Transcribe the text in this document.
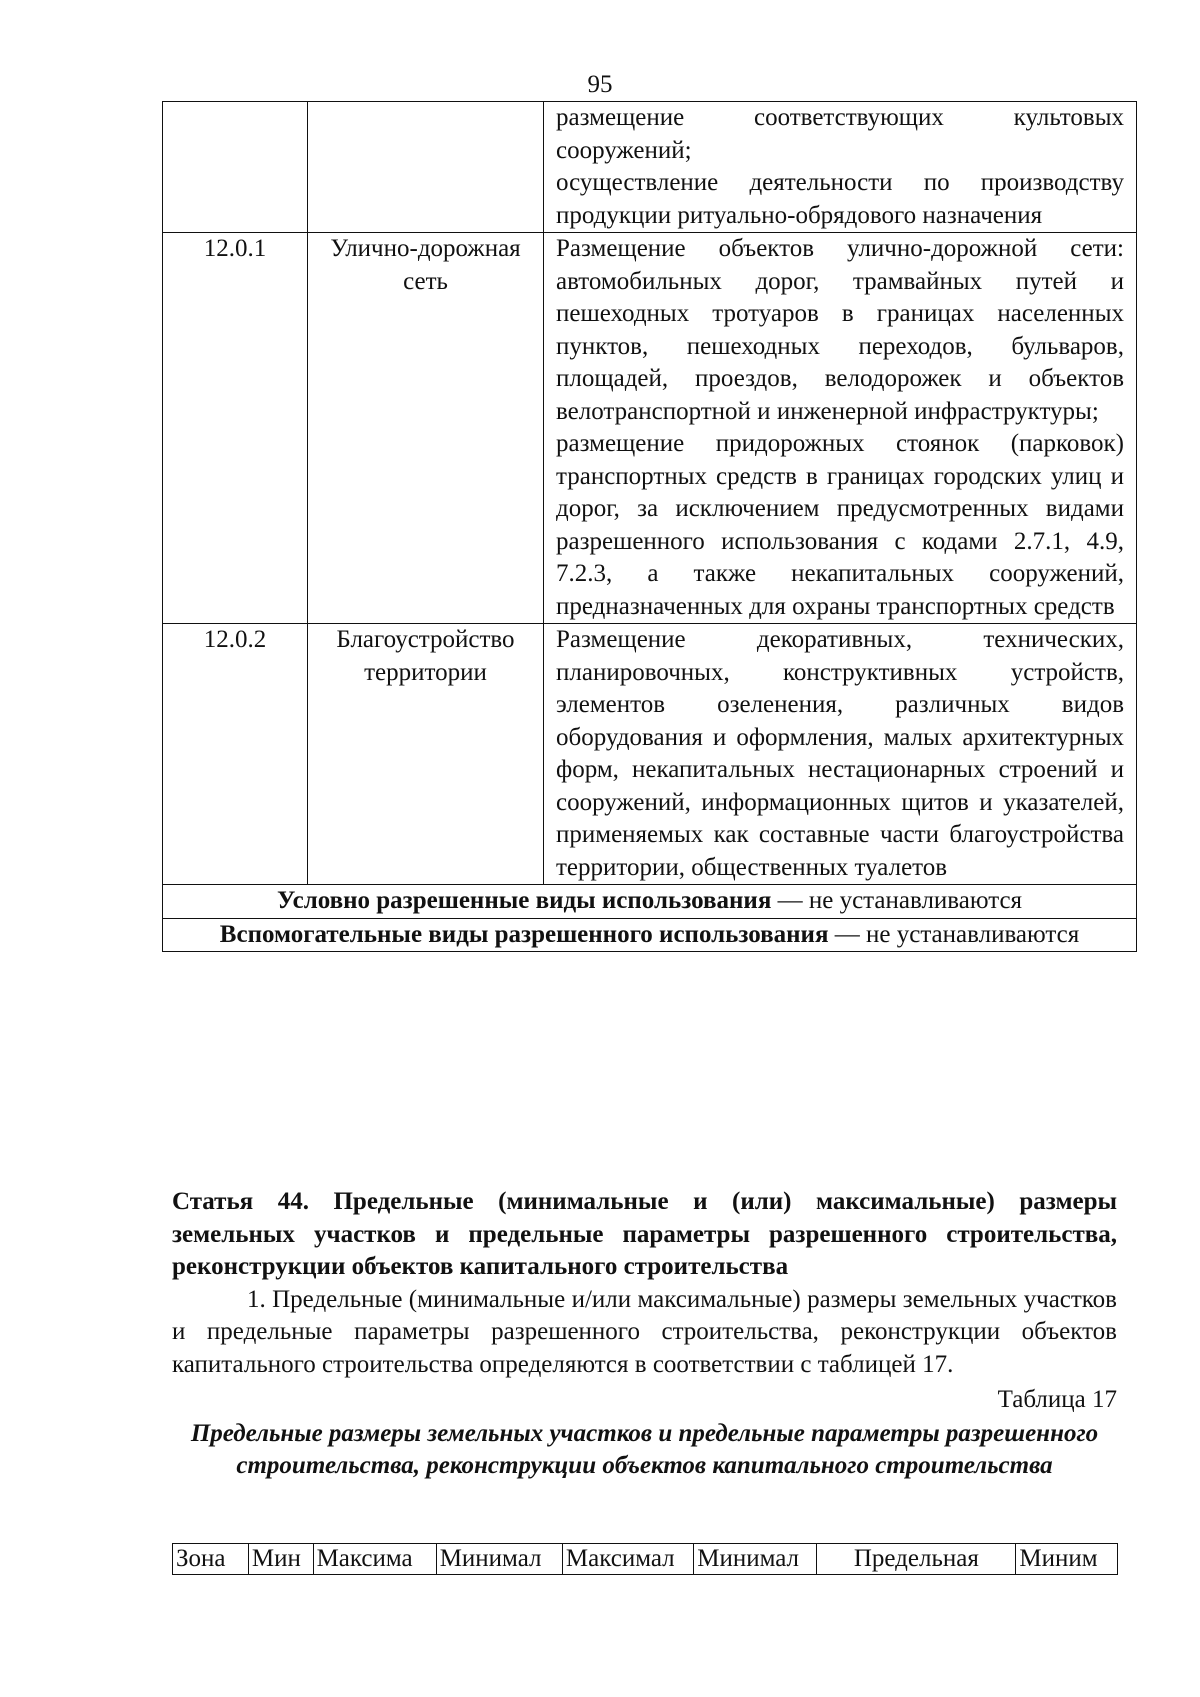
95

		размещение соответствующих культовых сооружений;
осуществление деятельности по производству продукции ритуально-обрядового назначения

12.0.1	Улично-дорожная сеть	Размещение объектов улично-дорожной сети: автомобильных дорог, трамвайных путей и пешеходных тротуаров в границах населенных пунктов, пешеходных переходов, бульваров, площадей, проездов, велодорожек и объектов велотранспортной и инженерной инфраструктуры;
размещение придорожных стоянок (парковок) транспортных средств в границах городских улиц и дорог, за исключением предусмотренных видами разрешенного использования с кодами 2.7.1, 4.9, 7.2.3, а также некапитальных сооружений, предназначенных для охраны транспортных средств

12.0.2	Благоустройство территории	Размещение декоративных, технических, планировочных, конструктивных устройств, элементов озеленения, различных видов оборудования и оформления, малых архитектурных форм, некапитальных нестационарных строений и сооружений, информационных щитов и указателей, применяемых как составные части благоустройства территории, общественных туалетов

Условно разрешенные виды использования — не устанавливаются		
Вспомогательные виды разрешенного использования — не устанавливаются		
Статья 44. Предельные (минимальные и (или) максимальные) размеры земельных участков и предельные параметры разрешенного строительства, реконструкции объектов капитального строительства
1. Предельные (минимальные и/или максимальные) размеры земельных участков и предельные параметры разрешенного строительства, реконструкции объектов капитального строительства определяются в соответствии с таблицей 17.
Таблица 17
Предельные размеры земельных участков и предельные параметры разрешенного строительства, реконструкции объектов капитального строительства
Зона	Мин	Максима	Минимал	Максимал	Минимал	Предельная	Миним
